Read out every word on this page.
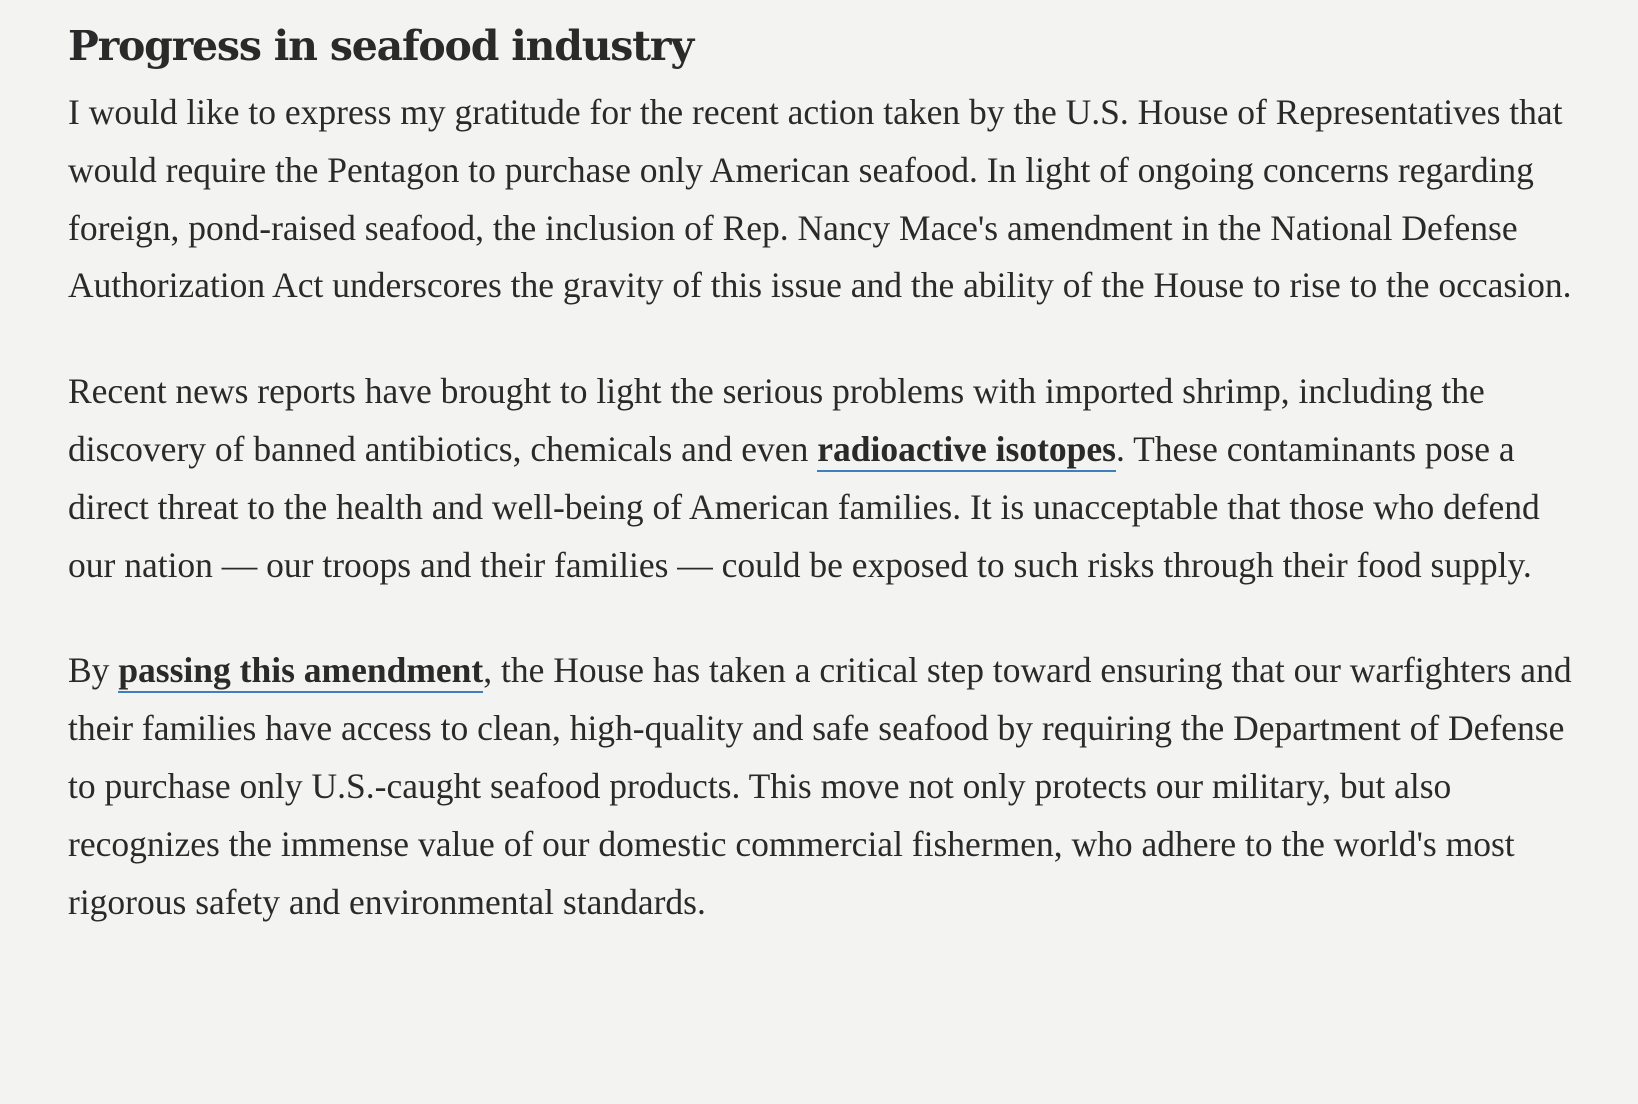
Progress in seafood industry

I would like to express my gratitude for the recent action taken by the U.S. House of Representatives that would require the Pentagon to purchase only American seafood. In light of ongoing concerns regarding foreign, pond-raised seafood, the inclusion of Rep. Nancy Mace's amendment in the National Defense Authorization Act underscores the gravity of this issue and the ability of the House to rise to the occasion.

Recent news reports have brought to light the serious problems with imported shrimp, including the discovery of banned antibiotics, chemicals and even radioactive isotopes. These contaminants pose a direct threat to the health and well-being of American families. It is unacceptable that those who defend our nation — our troops and their families — could be exposed to such risks through their food supply.

By passing this amendment, the House has taken a critical step toward ensuring that our warfighters and their families have access to clean, high-quality and safe seafood by requiring the Department of Defense to purchase only U.S.-caught seafood products. This move not only protects our military, but also recognizes the immense value of our domestic commercial fishermen, who adhere to the world's most rigorous safety and environmental standards.
